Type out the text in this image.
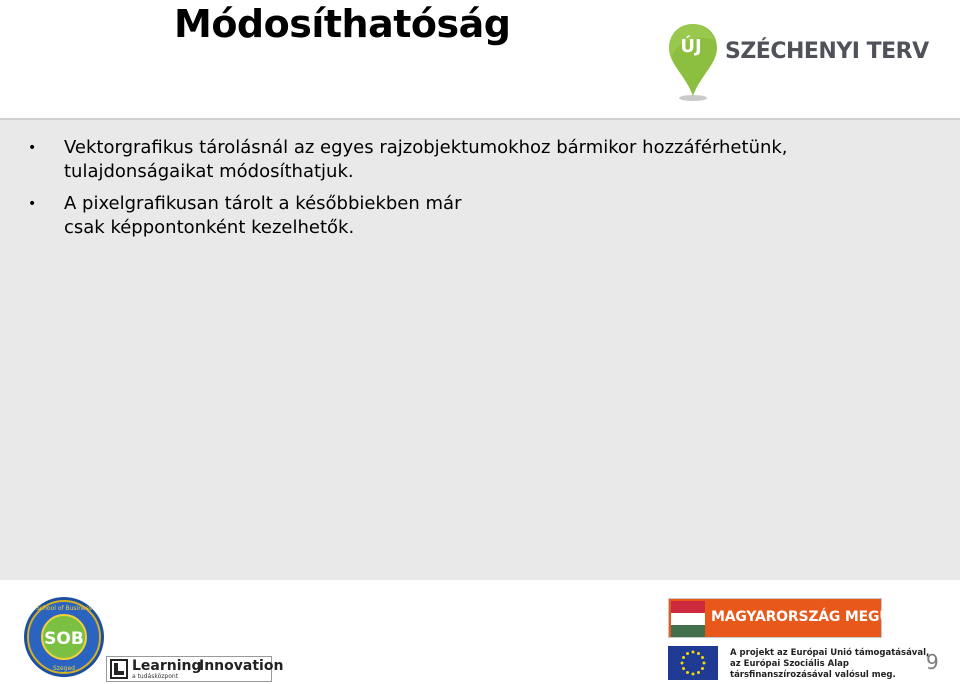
Módosíthatóság
ÚJ	SZÉCHENYI TERV
• Vektorgrafikus tárolásnál az egyes rajzobjektumokhoz bármikor hozzáférhetünk,
tulajdonságaikat módosíthatjuk.
• A pixelgrafikusan tárolt a későbbiekben már
csak képpontonként kezelhetők.
SOB
School of Business
Szeged	Learning
Innovation
a tudásközpont
MAGYARORSZÁG MEGÚJUL
A projekt az Európai Unió támogatásával,
az Európai Szociális Alap
társfinanszírozásával valósul meg.
9
